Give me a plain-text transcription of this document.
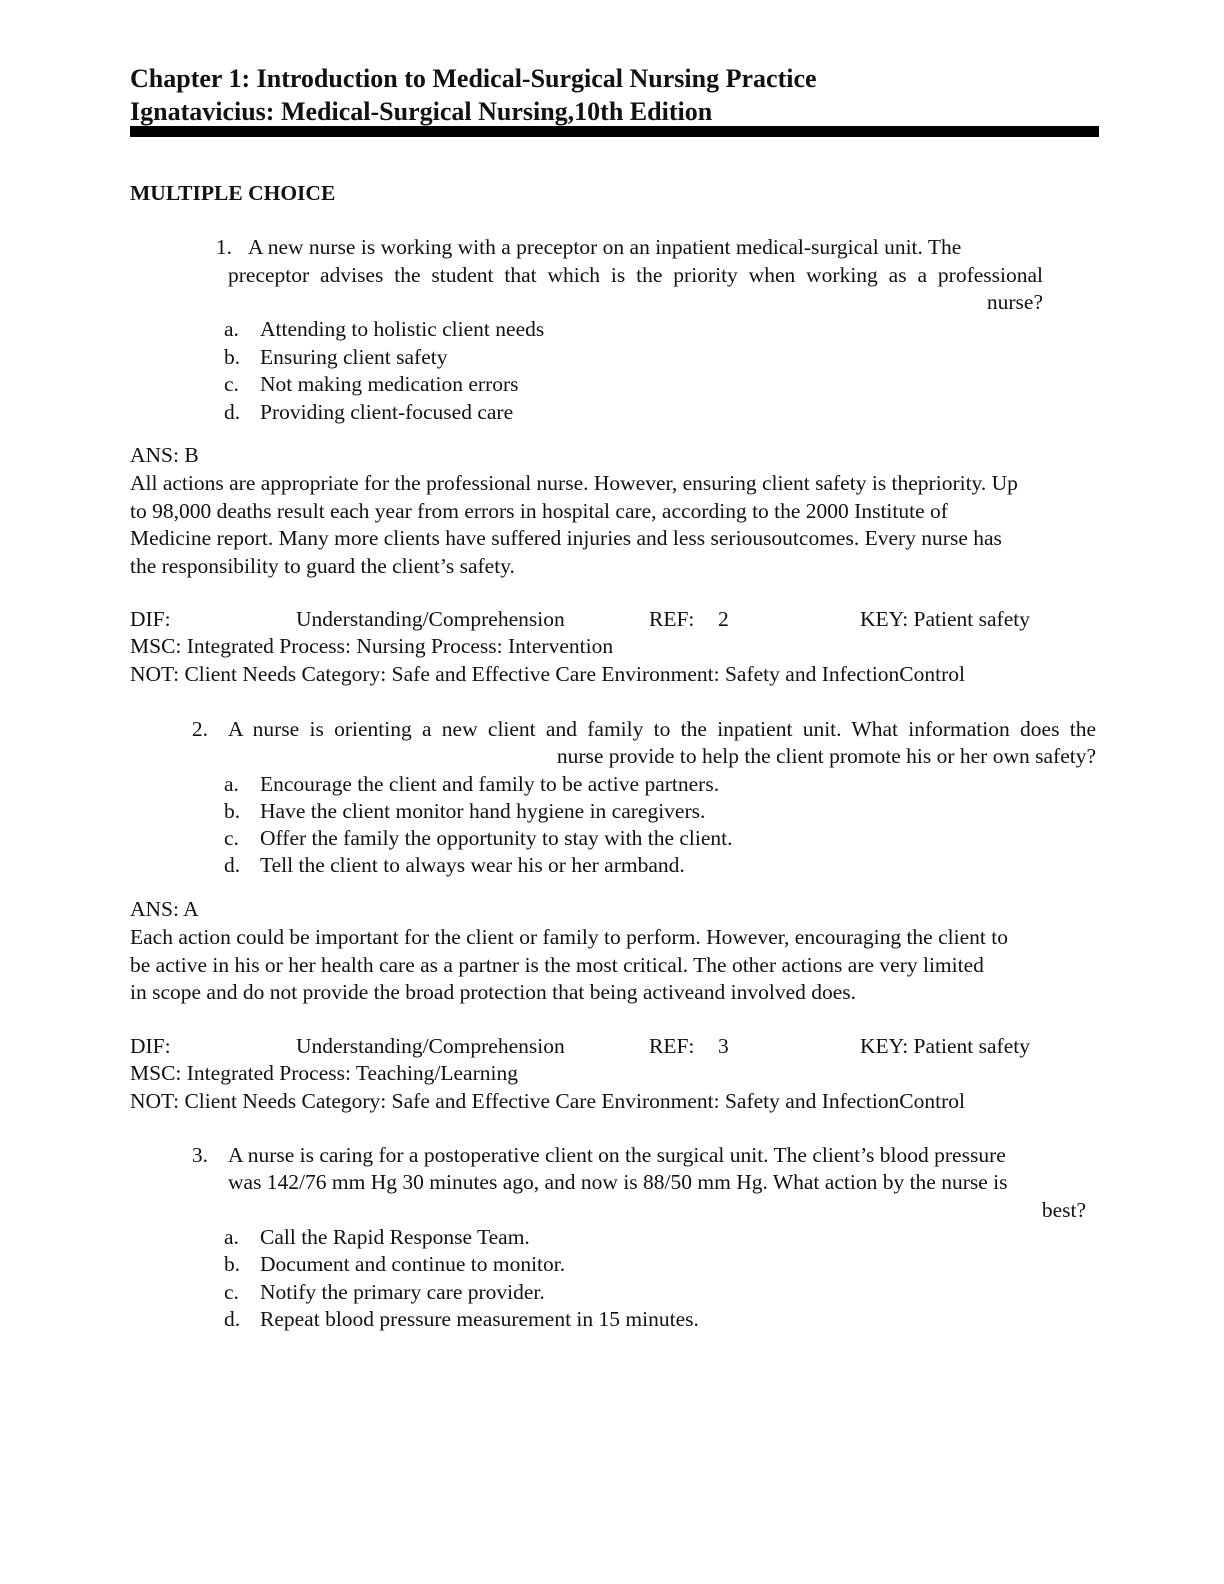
Chapter 1: Introduction to Medical-Surgical Nursing Practice
Ignatavicius: Medical-Surgical Nursing,10th Edition
MULTIPLE CHOICE
1. A new nurse is working with a preceptor on an inpatient medical-surgical unit. The
preceptor advises the student that which is the priority when working as a professional
nurse?
a. Attending to holistic client needs
b. Ensuring client safety
c. Not making medication errors
d. Providing client-focused care
ANS: B
All actions are appropriate for the professional nurse. However, ensuring client safety is thepriority. Up
to 98,000 deaths result each year from errors in hospital care, according to the 2000 Institute of
Medicine report. Many more clients have suffered injuries and less seriousoutcomes. Every nurse has
the responsibility to guard the client’s safety.
DIF:	Understanding/Comprehension	REF: 2	KEY: Patient safety
MSC: Integrated Process: Nursing Process: Intervention
NOT: Client Needs Category: Safe and Effective Care Environment: Safety and InfectionControl
2. A nurse is orienting a new client and family to the inpatient unit. What information does the
nurse provide to help the client promote his or her own safety?
a. Encourage the client and family to be active partners.
b. Have the client monitor hand hygiene in caregivers.
c. Offer the family the opportunity to stay with the client.
d. Tell the client to always wear his or her armband.
ANS: A
Each action could be important for the client or family to perform. However, encouraging the client to
be active in his or her health care as a partner is the most critical. The other actions are very limited
in scope and do not provide the broad protection that being activeand involved does.
DIF:	Understanding/Comprehension	REF: 3	KEY: Patient safety
MSC: Integrated Process: Teaching/Learning
NOT: Client Needs Category: Safe and Effective Care Environment: Safety and InfectionControl
3. A nurse is caring for a postoperative client on the surgical unit. The client’s blood pressure
was 142/76 mm Hg 30 minutes ago, and now is 88/50 mm Hg. What action by the nurse is
best?
a. Call the Rapid Response Team.
b. Document and continue to monitor.
c. Notify the primary care provider.
d. Repeat blood pressure measurement in 15 minutes.
